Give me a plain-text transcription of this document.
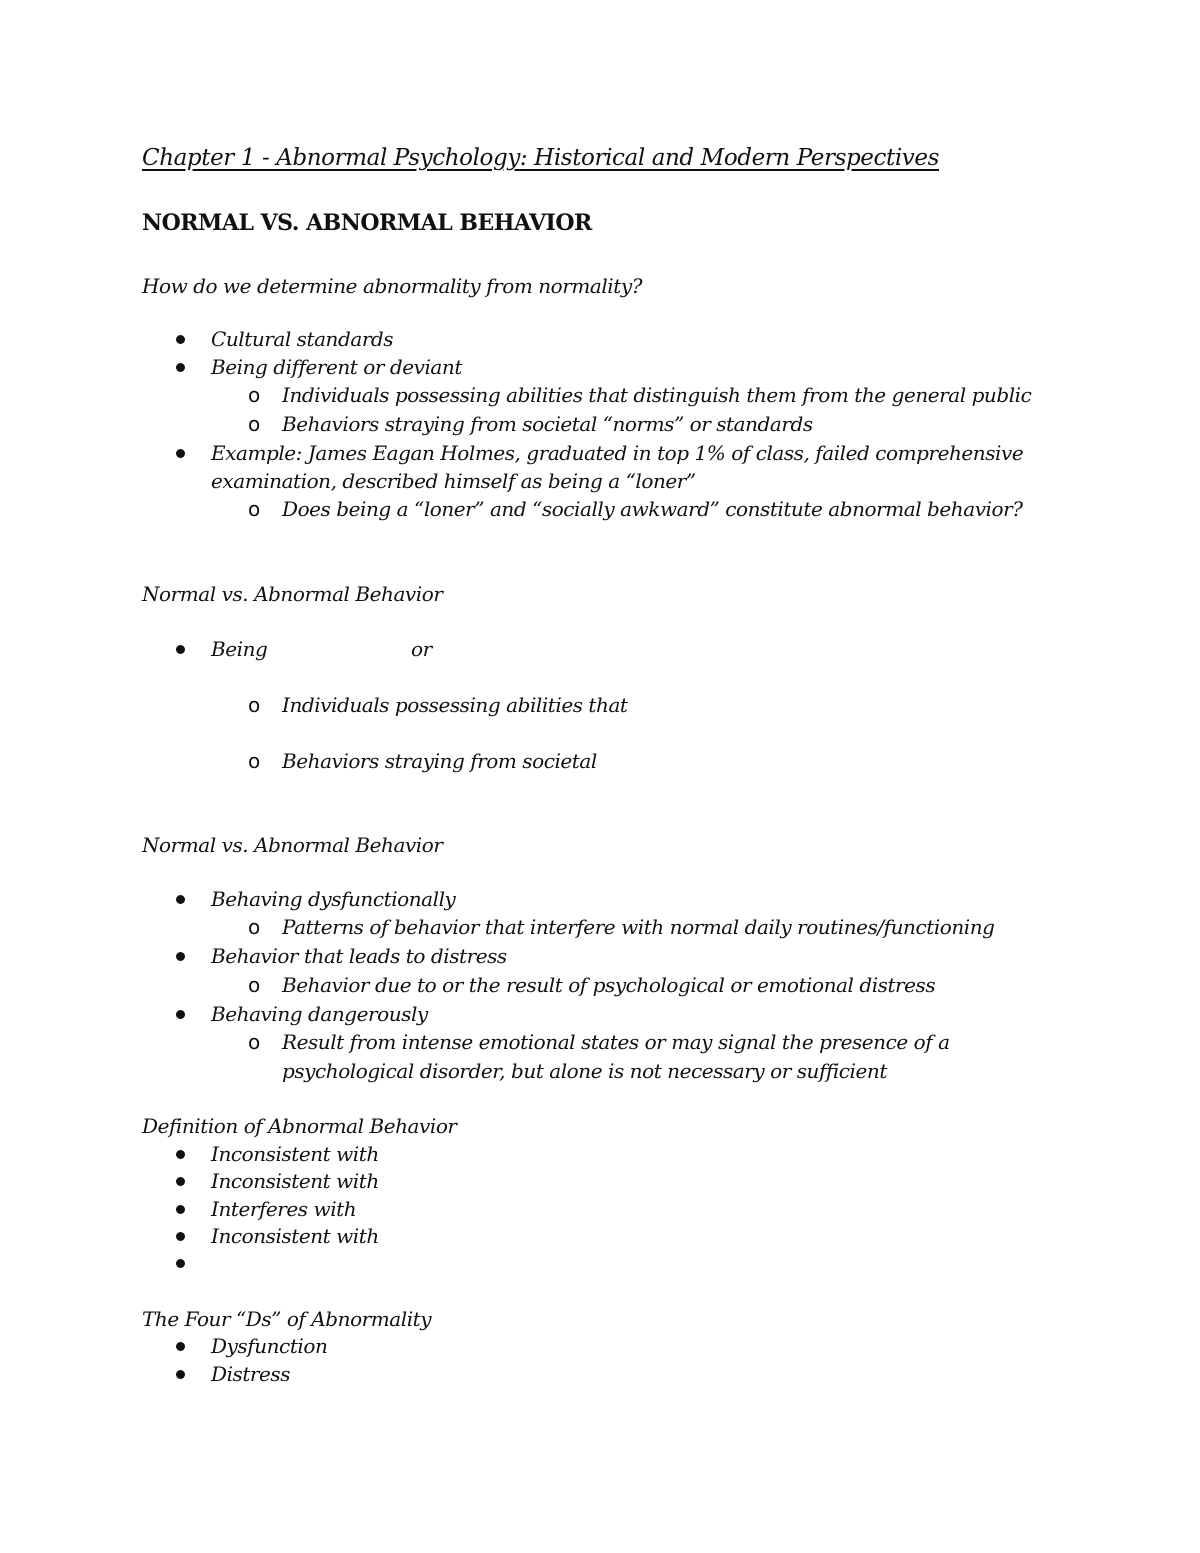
Chapter 1 - Abnormal Psychology: Historical and Modern Perspectives
NORMAL VS. ABNORMAL BEHAVIOR
How do we determine abnormality from normality?
Cultural standards
Being different or deviant
o Individuals possessing abilities that distinguish them from the general public
o Behaviors straying from societal “norms” or standards
Example: James Eagan Holmes, graduated in top 1% of class, failed comprehensive
examination, described himself as being a “loner”
o Does being a “loner” and “socially awkward” constitute abnormal behavior?
Normal vs. Abnormal Behavior
Being	or
o Individuals possessing abilities that
o Behaviors straying from societal
Normal vs. Abnormal Behavior
Behaving dysfunctionally
o Patterns of behavior that interfere with normal daily routines/functioning
Behavior that leads to distress
o Behavior due to or the result of psychological or emotional distress
Behaving dangerously
o Result from intense emotional states or may signal the presence of a
psychological disorder, but alone is not necessary or sufficient
Definition of Abnormal Behavior
Inconsistent with
Inconsistent with
Interferes with
Inconsistent with
The Four “Ds” of Abnormality
Dysfunction
Distress
